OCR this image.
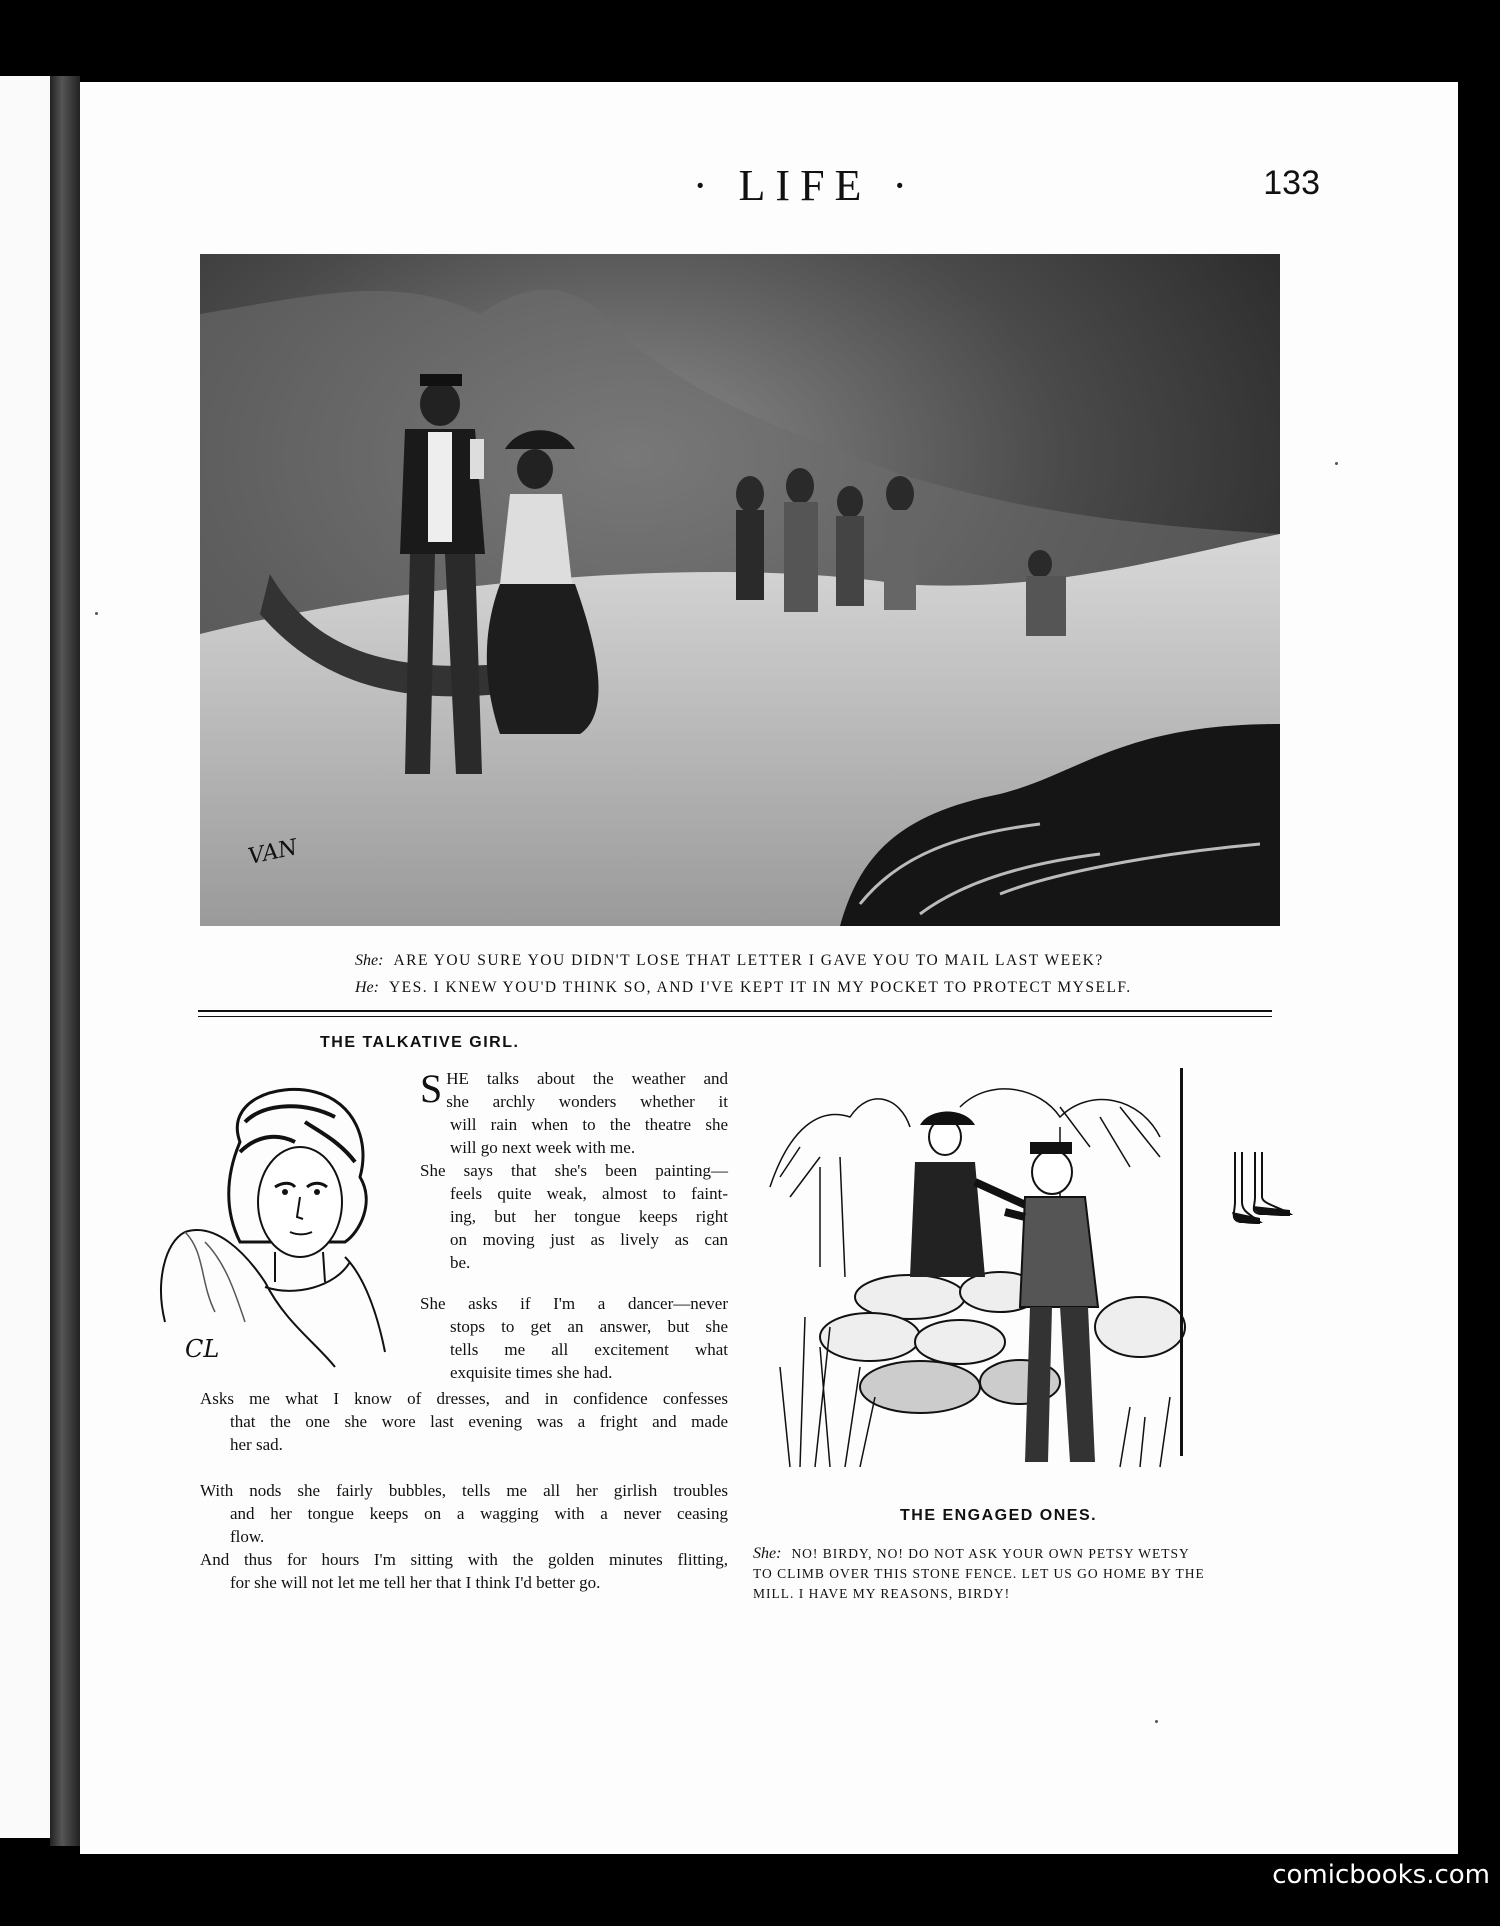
· LIFE ·	133
VAN
She: ARE YOU SURE YOU DIDN'T LOSE THAT LETTER I GAVE YOU TO MAIL LAST WEEK?
He: YES. I KNEW YOU'D THINK SO, AND I'VE KEPT IT IN MY POCKET TO PROTECT MYSELF.
THE TALKATIVE GIRL.
CL
S HE talks about the weather and
she archly wonders whether it
will rain when to the theatre she
will go next week with me.
She says that she's been painting—
feels quite weak, almost to faint-
ing, but her tongue keeps right
on moving just as lively as can
be.
She asks if I'm a dancer—never
stops to get an answer, but she
tells me all excitement what
exquisite times she had.
Asks me what I know of dresses, and in confidence confesses
that the one she wore last evening was a fright and made
her sad.
With nods she fairly bubbles, tells me all her girlish troubles
and her tongue keeps on a wagging with a never ceasing
flow.
And thus for hours I'm sitting with the golden minutes flitting,
for she will not let me tell her that I think I'd better go.
THE ENGAGED ONES.
She: NO! BIRDY, NO! DO NOT ASK YOUR OWN PETSY WETSY
TO CLIMB OVER THIS STONE FENCE. LET US GO HOME BY THE
MILL. I HAVE MY REASONS, BIRDY!
comicbooks.com
